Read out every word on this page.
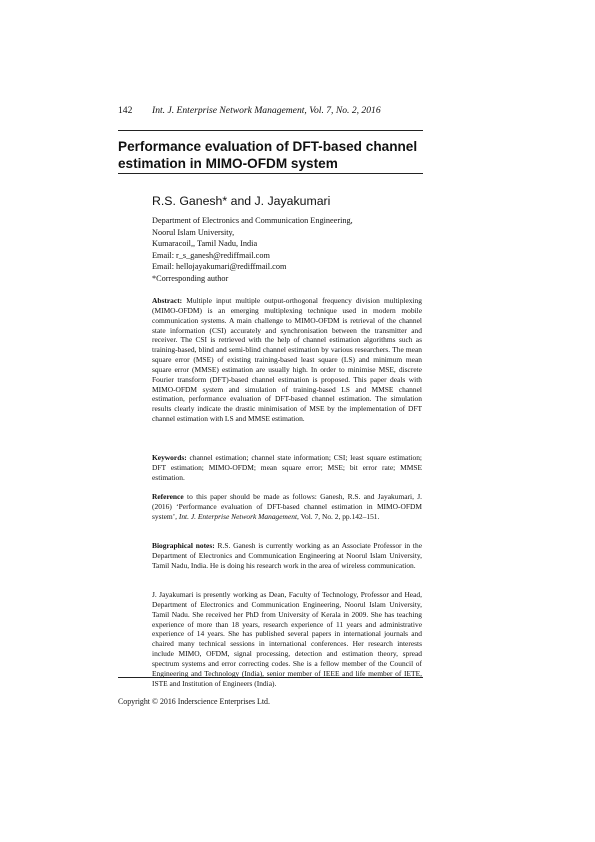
142 Int. J. Enterprise Network Management, Vol. 7, No. 2, 2016
Performance evaluation of DFT-based channel estimation in MIMO-OFDM system

R.S. Ganesh* and J. Jayakumari

Department of Electronics and Communication Engineering,
Noorul Islam University,
Kumaracoil,, Tamil Nadu, India
Email: r_s_ganesh@rediffmail.com
Email: hellojayakumari@rediffmail.com
*Corresponding author

Abstract: Multiple input multiple output-orthogonal frequency division multiplexing (MIMO-OFDM) is an emerging multiplexing technique used in modern mobile communication systems. A main challenge to MIMO-OFDM is retrieval of the channel state information (CSI) accurately and synchronisation between the transmitter and receiver. The CSI is retrieved with the help of channel estimation algorithms such as training-based, blind and semi-blind channel estimation by various researchers. The mean square error (MSE) of existing training-based least square (LS) and minimum mean square error (MMSE) estimation are usually high. In order to minimise MSE, discrete Fourier transform (DFT)-based channel estimation is proposed. This paper deals with MIMO-OFDM system and simulation of training-based LS and MMSE channel estimation, performance evaluation of DFT-based channel estimation. The simulation results clearly indicate the drastic minimisation of MSE by the implementation of DFT channel estimation with LS and MMSE estimation.

Keywords: channel estimation; channel state information; CSI; least square estimation; DFT estimation; MIMO-OFDM; mean square error; MSE; bit error rate; MMSE estimation.

Reference to this paper should be made as follows: Ganesh, R.S. and Jayakumari, J. (2016) ‘Performance evaluation of DFT-based channel estimation in MIMO-OFDM system’, Int. J. Enterprise Network Management, Vol. 7, No. 2, pp.142–151.

Biographical notes: R.S. Ganesh is currently working as an Associate Professor in the Department of Electronics and Communication Engineering at Noorul Islam University, Tamil Nadu, India. He is doing his research work in the area of wireless communication.

J. Jayakumari is presently working as Dean, Faculty of Technology, Professor and Head, Department of Electronics and Communication Engineering, Noorul Islam University, Tamil Nadu. She received her PhD from University of Kerala in 2009. She has teaching experience of more than 18 years, research experience of 11 years and administrative experience of 14 years. She has published several papers in international journals and chaired many technical sessions in international conferences. Her research interests include MIMO, OFDM, signal processing, detection and estimation theory, spread spectrum systems and error correcting codes. She is a fellow member of the Council of Engineering and Technology (India), senior member of IEEE and life member of IETE, ISTE and Institution of Engineers (India).

Copyright © 2016 Inderscience Enterprises Ltd.
